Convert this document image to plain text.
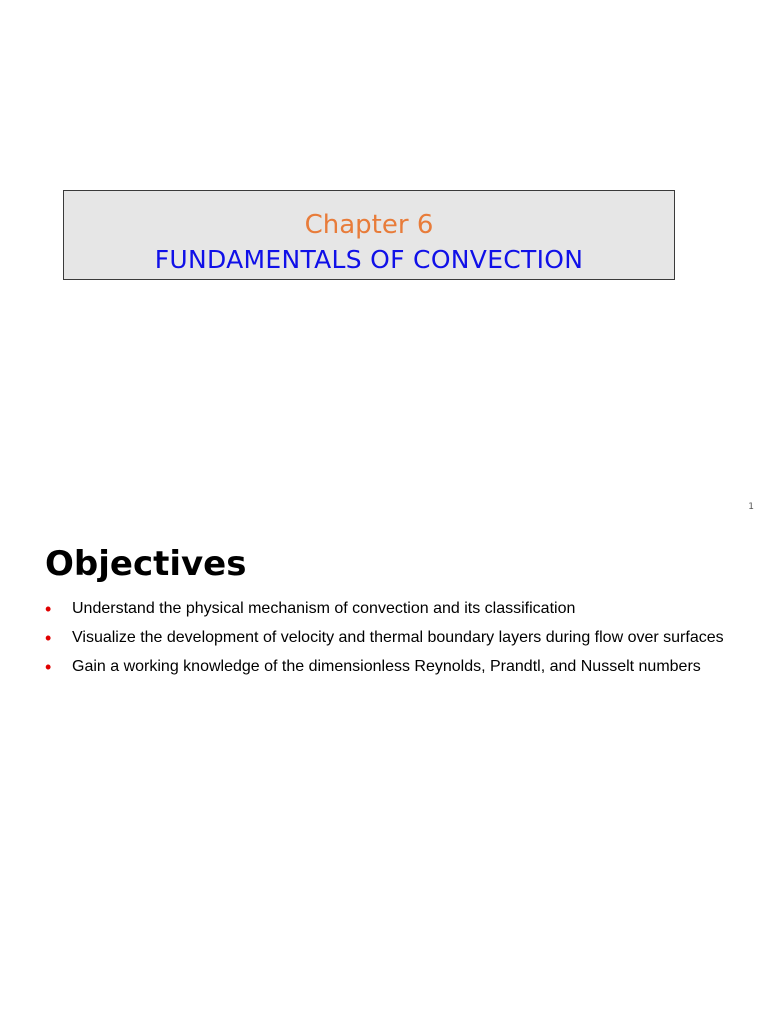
Chapter 6
FUNDAMENTALS OF CONVECTION
1
Objectives
• Understand the physical mechanism of convection and its classification
• Visualize the development of velocity and thermal boundary layers during flow over surfaces
• Gain a working knowledge of the dimensionless Reynolds, Prandtl, and Nusselt numbers
